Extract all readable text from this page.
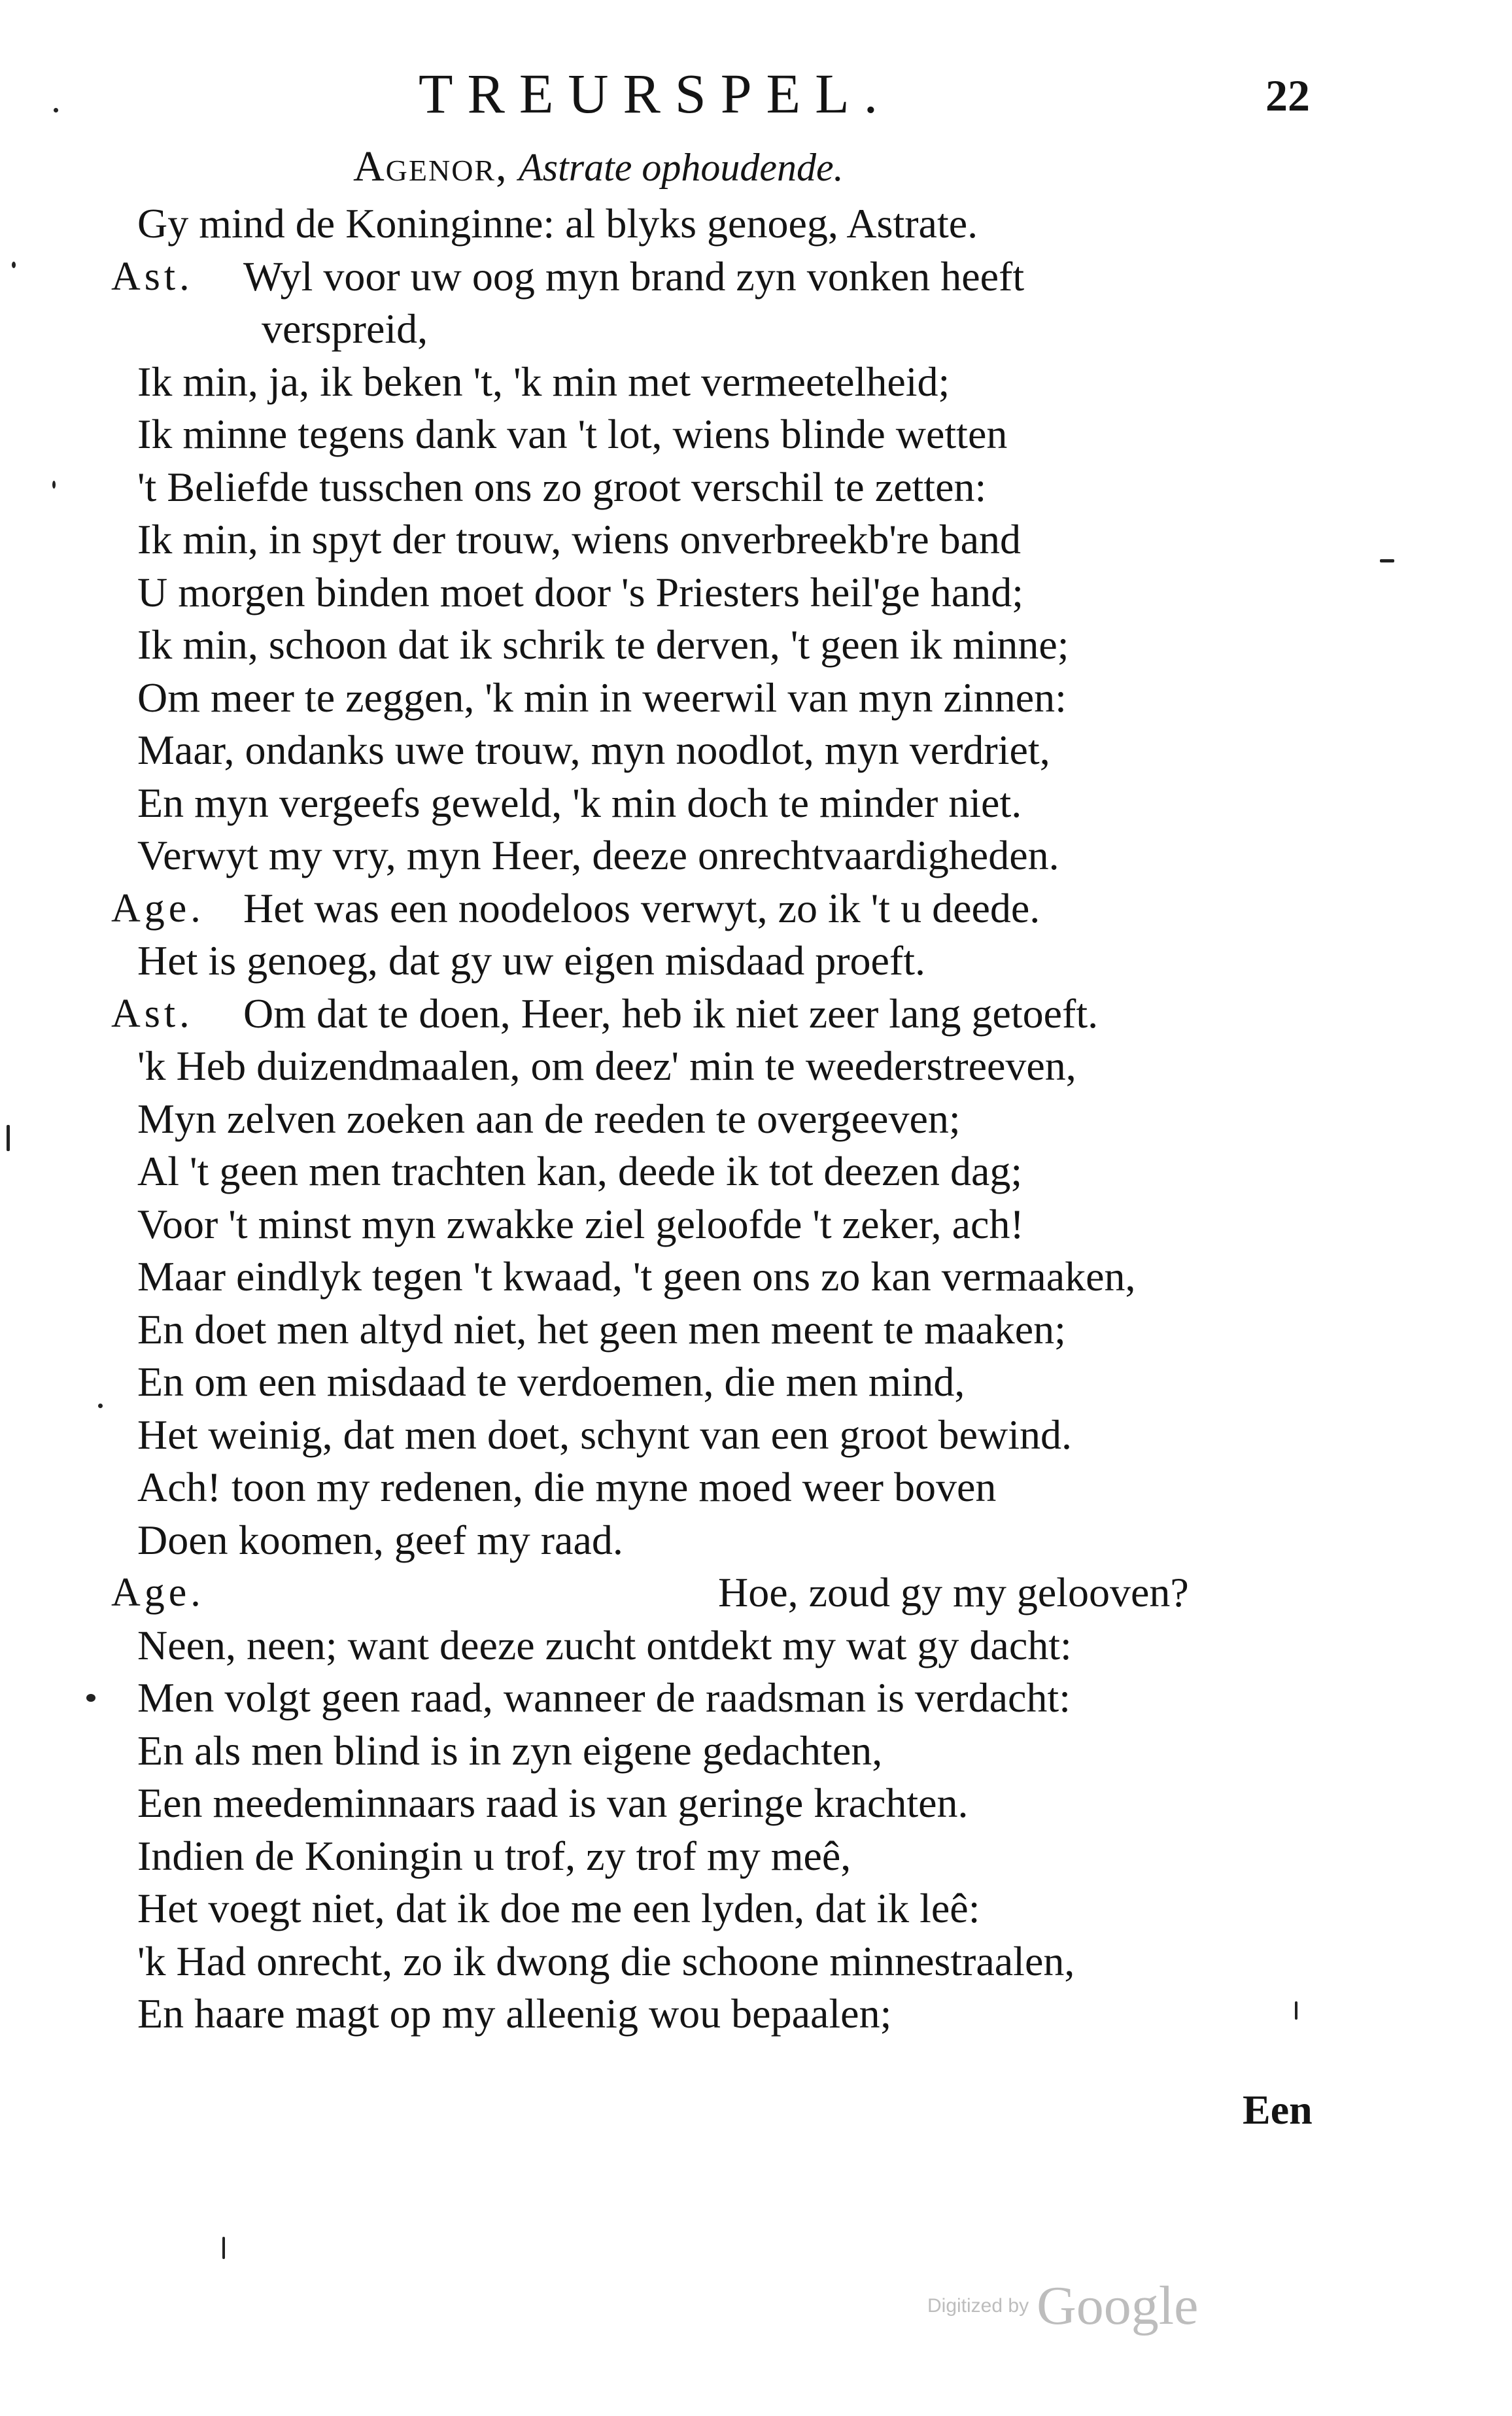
TREURSPEL.	22
Agenor, Astrate ophoudende.
Gy mind de Koninginne: al blyks genoeg, Astrate.
Ast. Wyl voor uw oog myn brand zyn vonken heeft
verspreid,
Ik min, ja, ik beken 't, 'k min met vermeetelheid;
Ik minne tegens dank van 't lot, wiens blinde wetten
't Beliefde tusschen ons zo groot verschil te zetten:
Ik min, in spyt der trouw, wiens onverbreekb're band
U morgen binden moet door 's Priesters heil'ge hand;
Ik min, schoon dat ik schrik te derven, 't geen ik minne;
Om meer te zeggen, 'k min in weerwil van myn zinnen:
Maar, ondanks uwe trouw, myn noodlot, myn verdriet,
En myn vergeefs geweld, 'k min doch te minder niet.
Verwyt my vry, myn Heer, deeze onrechtvaardigheden.
Age. Het was een noodeloos verwyt, zo ik 't u deede.
Het is genoeg, dat gy uw eigen misdaad proeft.
Ast. Om dat te doen, Heer, heb ik niet zeer lang getoeft.
'k Heb duizendmaalen, om deez' min te weederstreeven,
Myn zelven zoeken aan de reeden te overgeeven;
Al 't geen men trachten kan, deede ik tot deezen dag;
Voor 't minst myn zwakke ziel geloofde 't zeker, ach!
Maar eindlyk tegen 't kwaad, 't geen ons zo kan vermaaken,
En doet men altyd niet, het geen men meent te maaken;
En om een misdaad te verdoemen, die men mind,
Het weinig, dat men doet, schynt van een groot bewind.
Ach! toon my redenen, die myne moed weer boven
Doen koomen, geef my raad.
Age.	Hoe, zoud gy my gelooven?
Neen, neen; want deeze zucht ontdekt my wat gy dacht:
Men volgt geen raad, wanneer de raadsman is verdacht:
En als men blind is in zyn eigene gedachten,
Een meedeminnaars raad is van geringe krachten.
Indien de Koningin u trof, zy trof my meê,
Het voegt niet, dat ik doe me een lyden, dat ik leê:
'k Had onrecht, zo ik dwong die schoone minnestraalen,
En haare magt op my alleenig wou bepaalen;
Een
Digitized by Google
